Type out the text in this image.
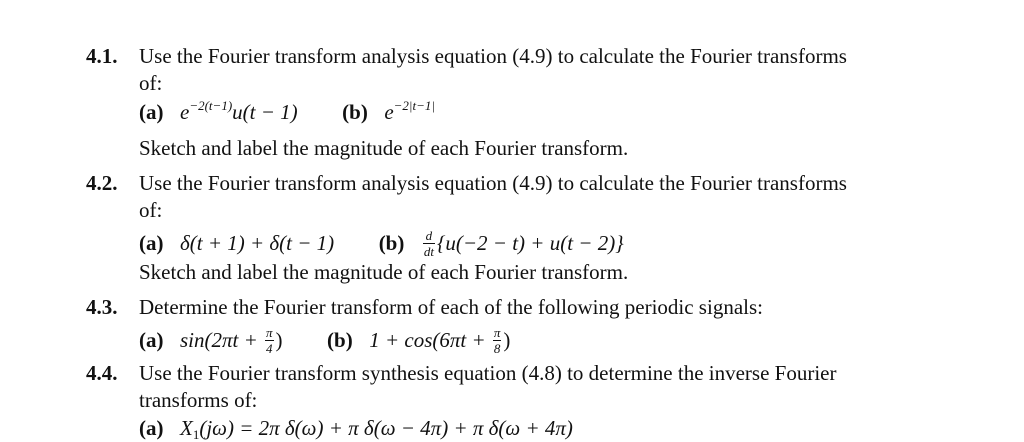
4.1. Use the Fourier transform analysis equation (4.9) to calculate the Fourier transforms
of:
(a) $e^{-2(t-1)}u(t - 1)$ (b) $e^{-2|t-1|}$
Sketch and label the magnitude of each Fourier transform.
4.2. Use the Fourier transform analysis equation (4.9) to calculate the Fourier transforms
of:
(a) δ(t + 1) + δ(t − 1) $(b) \frac{d}{dt} \{u(-2 - t) + u(t - 2)\}$
Sketch and label the magnitude of each Fourier transform.
4.3. Determine the Fourier transform of each of the following periodic signals:
(a) $\sin(2\pi t + \frac{\pi}{4}$ ) (b) $1 + \cos(6\pi t + \frac{\pi}{8}$ )
4.4. Use the Fourier transform synthesis equation (4.8) to determine the inverse Fourier
transforms of:
(a) $X_1(j\omega) = 2\pi$ δ(ω) + π δ(ω − 4π) + π δ(ω + 4π)
